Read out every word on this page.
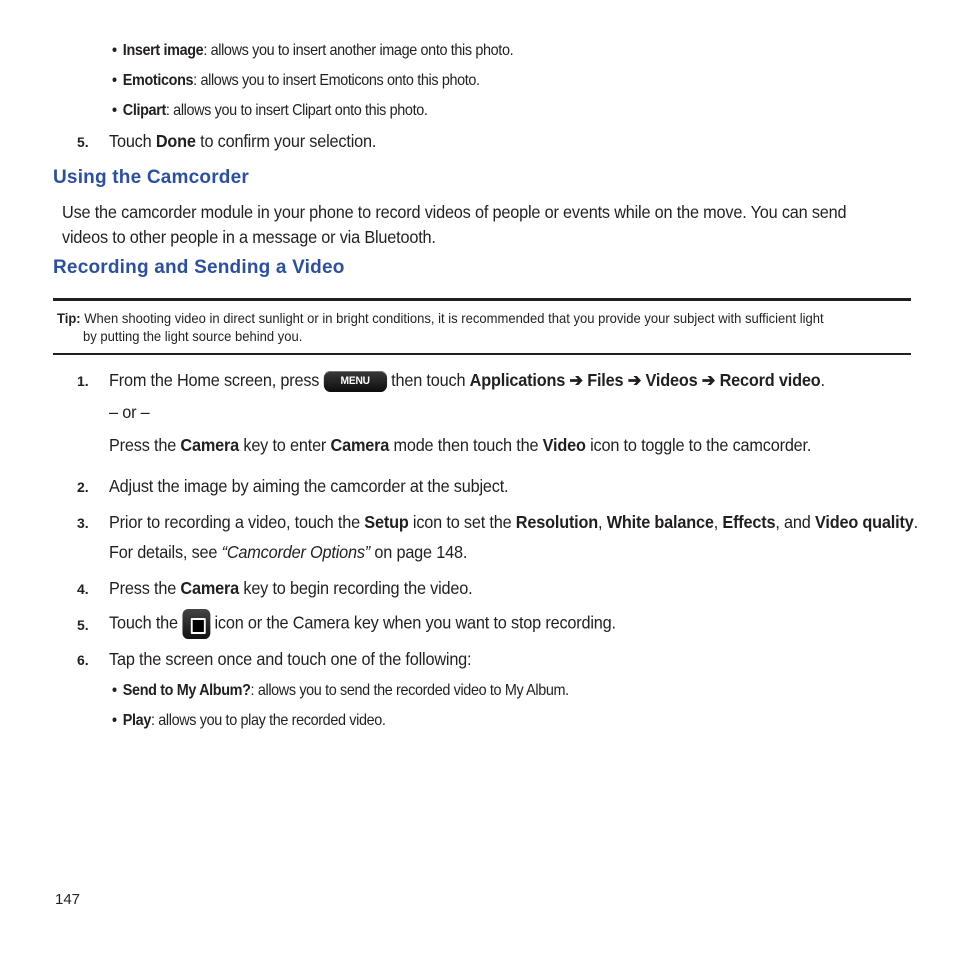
• Insert image: allows you to insert another image onto this photo.
• Emoticons: allows you to insert Emoticons onto this photo.
• Clipart: allows you to insert Clipart onto this photo.
5. Touch Done to confirm your selection.
Using the Camcorder
Use the camcorder module in your phone to record videos of people or events while on the move. You can send
videos to other people in a message or via Bluetooth.
Recording and Sending a Video
Tip: When shooting video in direct sunlight or in bright conditions, it is recommended that you provide your subject with sufficient light
by putting the light source behind you.
1. From the Home screen, press MENU then touch Applications ➔ Files ➔ Videos ➔ Record video.
– or –
Press the Camera key to enter Camera mode then touch the Video icon to toggle to the camcorder.
2. Adjust the image by aiming the camcorder at the subject.
3. Prior to recording a video, touch the Setup icon to set the Resolution, White balance, Effects, and Video quality.
For details, see “Camcorder Options” on page 148.
4. Press the Camera key to begin recording the video.
5. Touch the  icon or the Camera key when you want to stop recording.
6. Tap the screen once and touch one of the following:
• Send to My Album?: allows you to send the recorded video to My Album.
• Play: allows you to play the recorded video.
147
